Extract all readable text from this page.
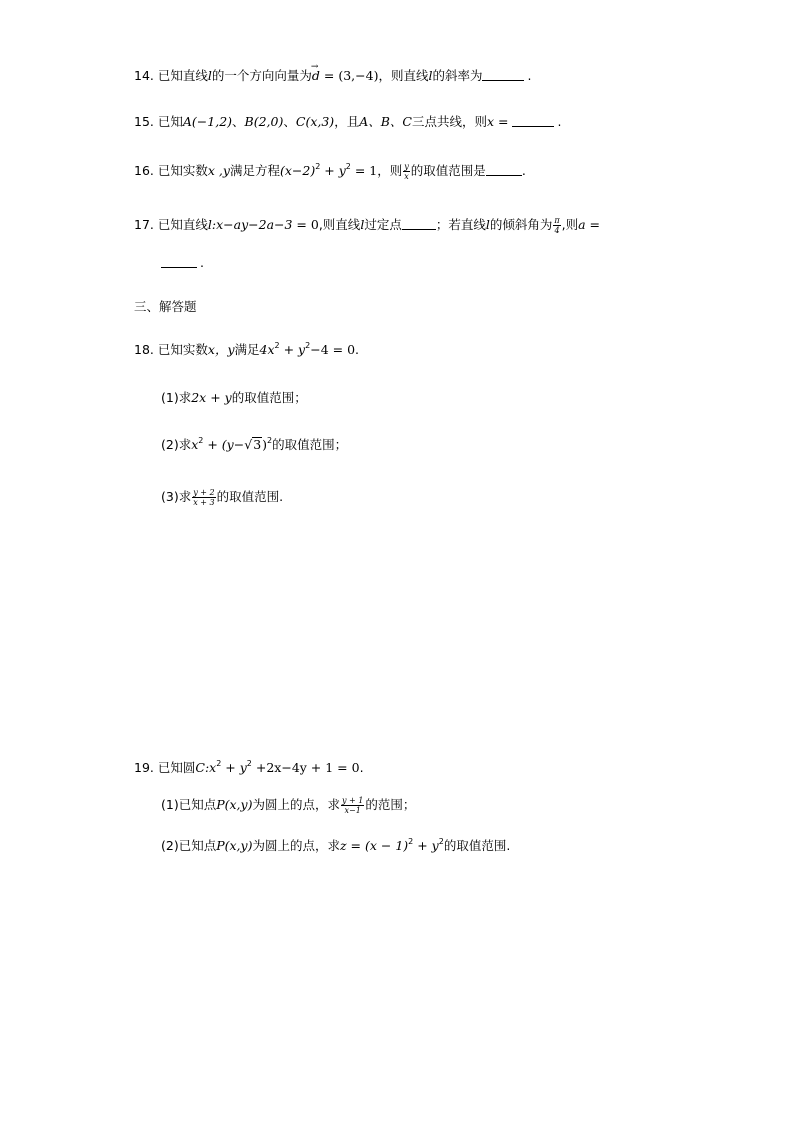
14. 已知直线l的一个方向向量为→ d = (3,−4)，则直线l的斜率为	.
15. 已知A(−1,2)、B(2,0)、C(x,3)，且A、B、C三点共线，则x =	.
16. 已知实数x ,y满足方程$(x-2)^2 + y^2 = 1$，则 $\frac{y}{x}$ 的取值范围是	.
17. 已知直线l:x−ay−2a−3 = 0,则直线l过定点	；若直线l的倾斜角为 $\frac{\pi}{4}$ ,则a =
.
三、解答题
18. 已知实数x，y满足$4x^2 + y^2-4 = 0$.
(1)求2x + y的取值范围；
(2)求$x^2 + (y-√3)^2$的取值范围；
(3)求 $\frac{y + 2}{x + 3}$ 的取值范围.
19. 已知圆$C:x^2 + y^2 +2x-4y + 1 = 0$.
(1)已知点P(x,y)为圆上的点，求 $\frac{y + 1}{x-1}$ 的范围；
(2)已知点P(x,y)为圆上的点，求$z = (x - 1)^2 + y^2$的取值范围.
